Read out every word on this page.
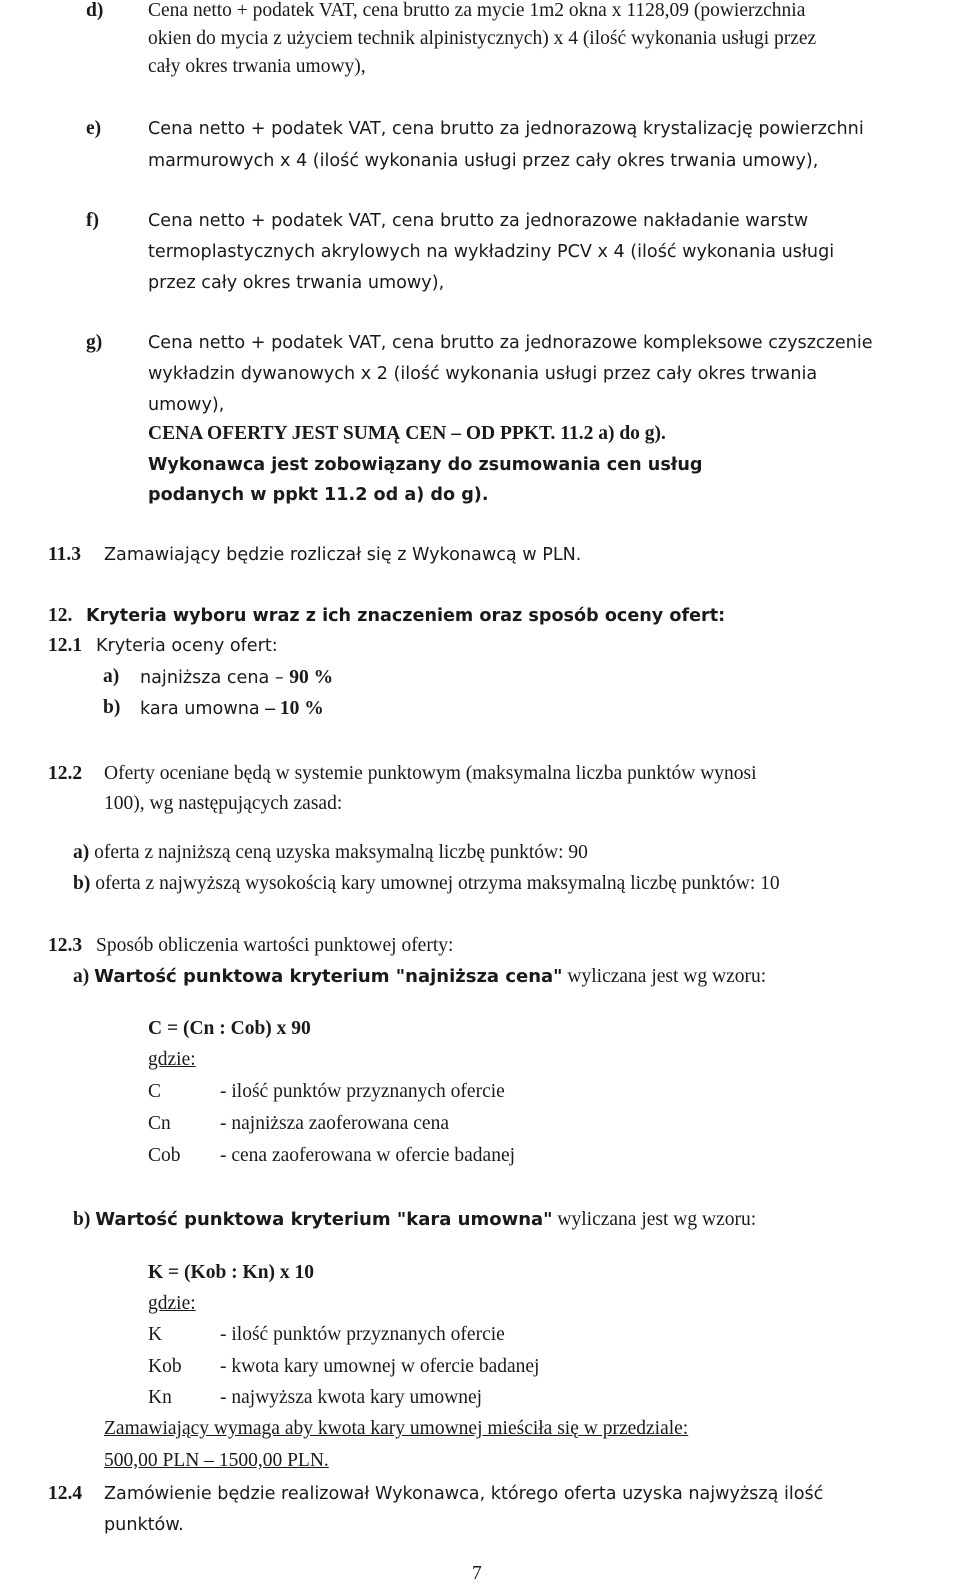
d) Cena netto + podatek VAT, cena brutto za mycie 1m2 okna x 1128,09 (powierzchnia
okien do mycia z użyciem technik alpinistycznych) x 4 (ilość wykonania usługi przez
cały okres trwania umowy),
e)	Cena netto + podatek VAT, cena brutto za jednorazową krystalizację powierzchni
marmurowych x 4 (ilość wykonania usługi przez cały okres trwania umowy),
f)	Cena netto + podatek VAT, cena brutto za jednorazowe nakładanie warstw
termoplastycznych akrylowych na wykładziny PCV x 4 (ilość wykonania usługi
przez cały okres trwania umowy),
g)	Cena netto + podatek VAT, cena brutto za jednorazowe kompleksowe czyszczenie
wykładzin dywanowych x 2 (ilość wykonania usługi przez cały okres trwania
umowy),
CENA OFERTY JEST SUMĄ CEN – OD PPKT. 11.2 a) do g).
Wykonawca jest zobowiązany do zsumowania cen usług
podanych w ppkt 11.2 od a) do g).
11.3 Zamawiający będzie rozliczał się z Wykonawcą w PLN.
12. Kryteria wyboru wraz z ich znaczeniem oraz sposób oceny ofert:
12.1 Kryteria oceny ofert:
a) najniższa cena – 90 %
b) kara umowna – 10 %
12.2 Oferty oceniane będą w systemie punktowym (maksymalna liczba punktów wynosi
100), wg następujących zasad:
a) oferta z najniższą ceną uzyska maksymalną liczbę punktów: 90
b) oferta z najwyższą wysokością kary umownej otrzyma maksymalną liczbę punktów: 10
12.3 Sposób obliczenia wartości punktowej oferty:
a) Wartość punktowa kryterium "najniższa cena" wyliczana jest wg wzoru:
C = (Cn : Cob) x 90
gdzie:
C	- ilość punktów przyznanych ofercie
Cn	- najniższa zaoferowana cena
Cob - cena zaoferowana w ofercie badanej
b) Wartość punktowa kryterium "kara umowna" wyliczana jest wg wzoru:
K = (Kob : Kn) x 10
gdzie:
K	- ilość punktów przyznanych ofercie
Kob - kwota kary umownej w ofercie badanej
Kn - najwyższa kwota kary umownej
Zamawiający wymaga aby kwota kary umownej mieściła się w przedziale:
500,00 PLN – 1500,00 PLN.
12.4 Zamówienie będzie realizował Wykonawca, którego oferta uzyska najwyższą ilość
punktów.
7
